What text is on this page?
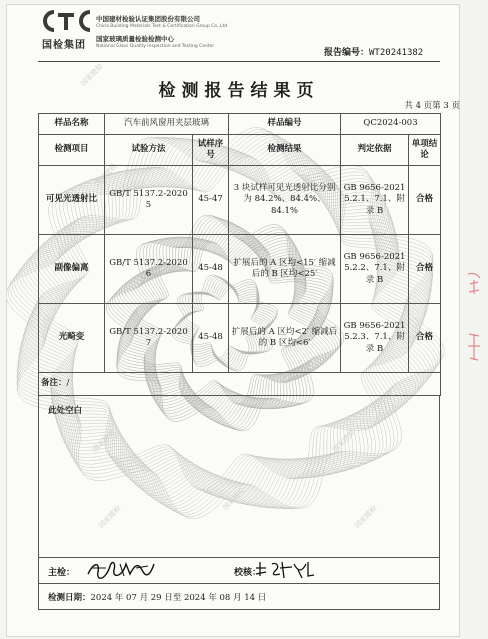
国家玻检
国家玻检
国家玻检
国家玻检
国家玻检
国家玻检
国家玻检
国检集团
中国建材检验认证集团股份有限公司
China Building Materials Test & Certification Group Co.,Ltd.
国家玻璃质量检验检测中心
National Glass Quality Inspection and Testing Center
报告编号：WT20241382
检测报告结果页
共 4 页第 3 页
样品名称	汽车前风窗用夹层玻璃		样品编号	QC2024-003	
检测项目	试验方法	试样序号	检测结果	判定依据	单项结论
可见光透射比	GB/T 5137.2-2020 5	45-47	3 块试样可见光透射比分别为 84.2%、84.4%、84.1%	GB 9656-2021 5.2.1、7.1、附录 B	合格
副像偏离	GB/T 5137.2-2020 6	45-48	扩展后的 A 区均<15′ 缩减后的 B 区均<25′	GB 9656-2021 5.2.2、7.1、附录 B	合格
光畸变	GB/T 5137.2-2020 7	45-48	扩展后的 A 区均<2′ 缩减后的 B 区均<6′	GB 9656-2021 5.2.3、7.1、附录 B	合格
备注：/					
此处空白
主检：	校核：
检测日期：2024 年 07 月 29 日至 2024 年 08 月 14 日
